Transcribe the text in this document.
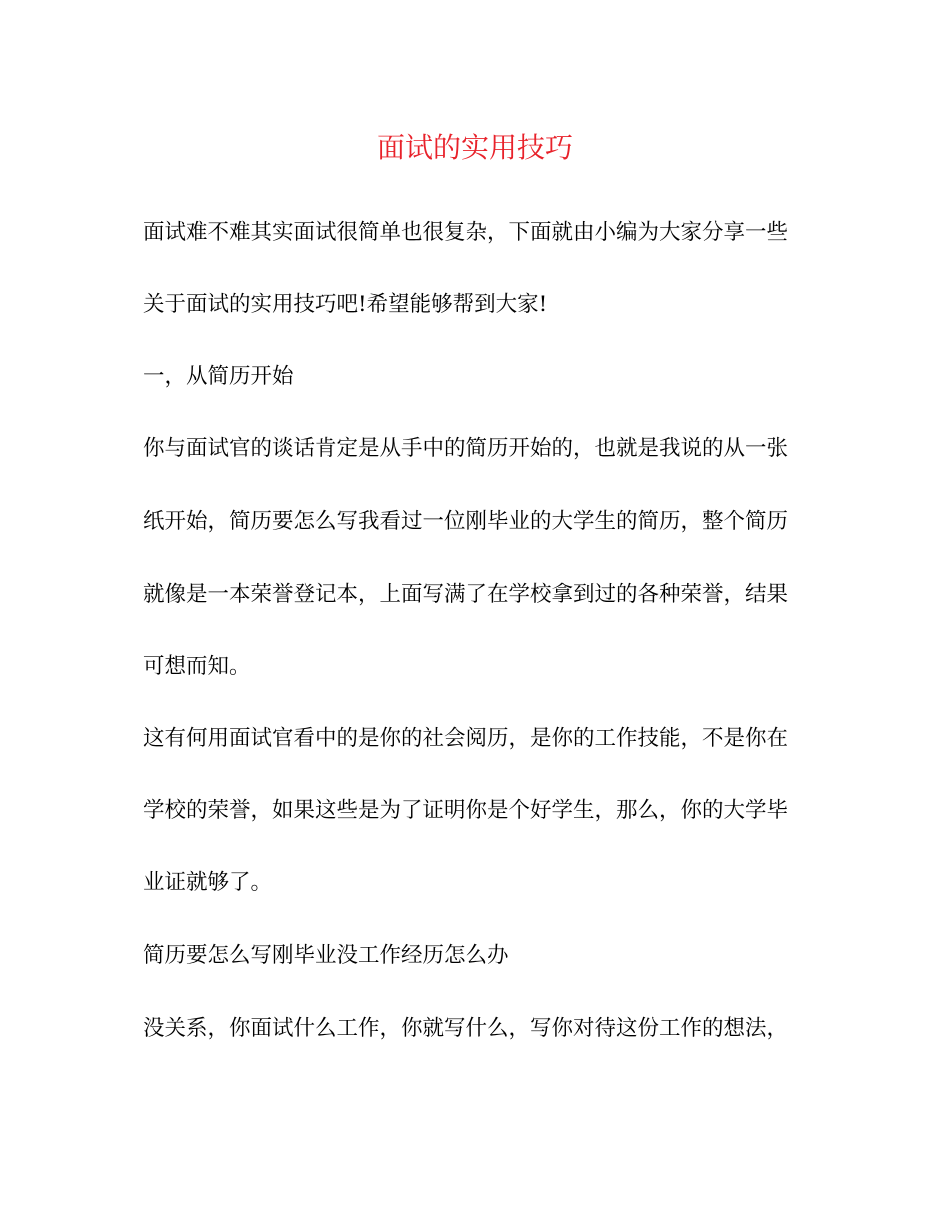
面试的实用技巧
面试难不难其实面试很简单也很复杂，下面就由小编为大家分享一些
关于面试的实用技巧吧!希望能够帮到大家!
一，从简历开始
你与面试官的谈话肯定是从手中的简历开始的，也就是我说的从一张
纸开始，简历要怎么写我看过一位刚毕业的大学生的简历，整个简历
就像是一本荣誉登记本，上面写满了在学校拿到过的各种荣誉，结果
可想而知。
这有何用面试官看中的是你的社会阅历，是你的工作技能，不是你在
学校的荣誉，如果这些是为了证明你是个好学生，那么，你的大学毕
业证就够了。
简历要怎么写刚毕业没工作经历怎么办
没关系，你面试什么工作，你就写什么，写你对待这份工作的想法，
